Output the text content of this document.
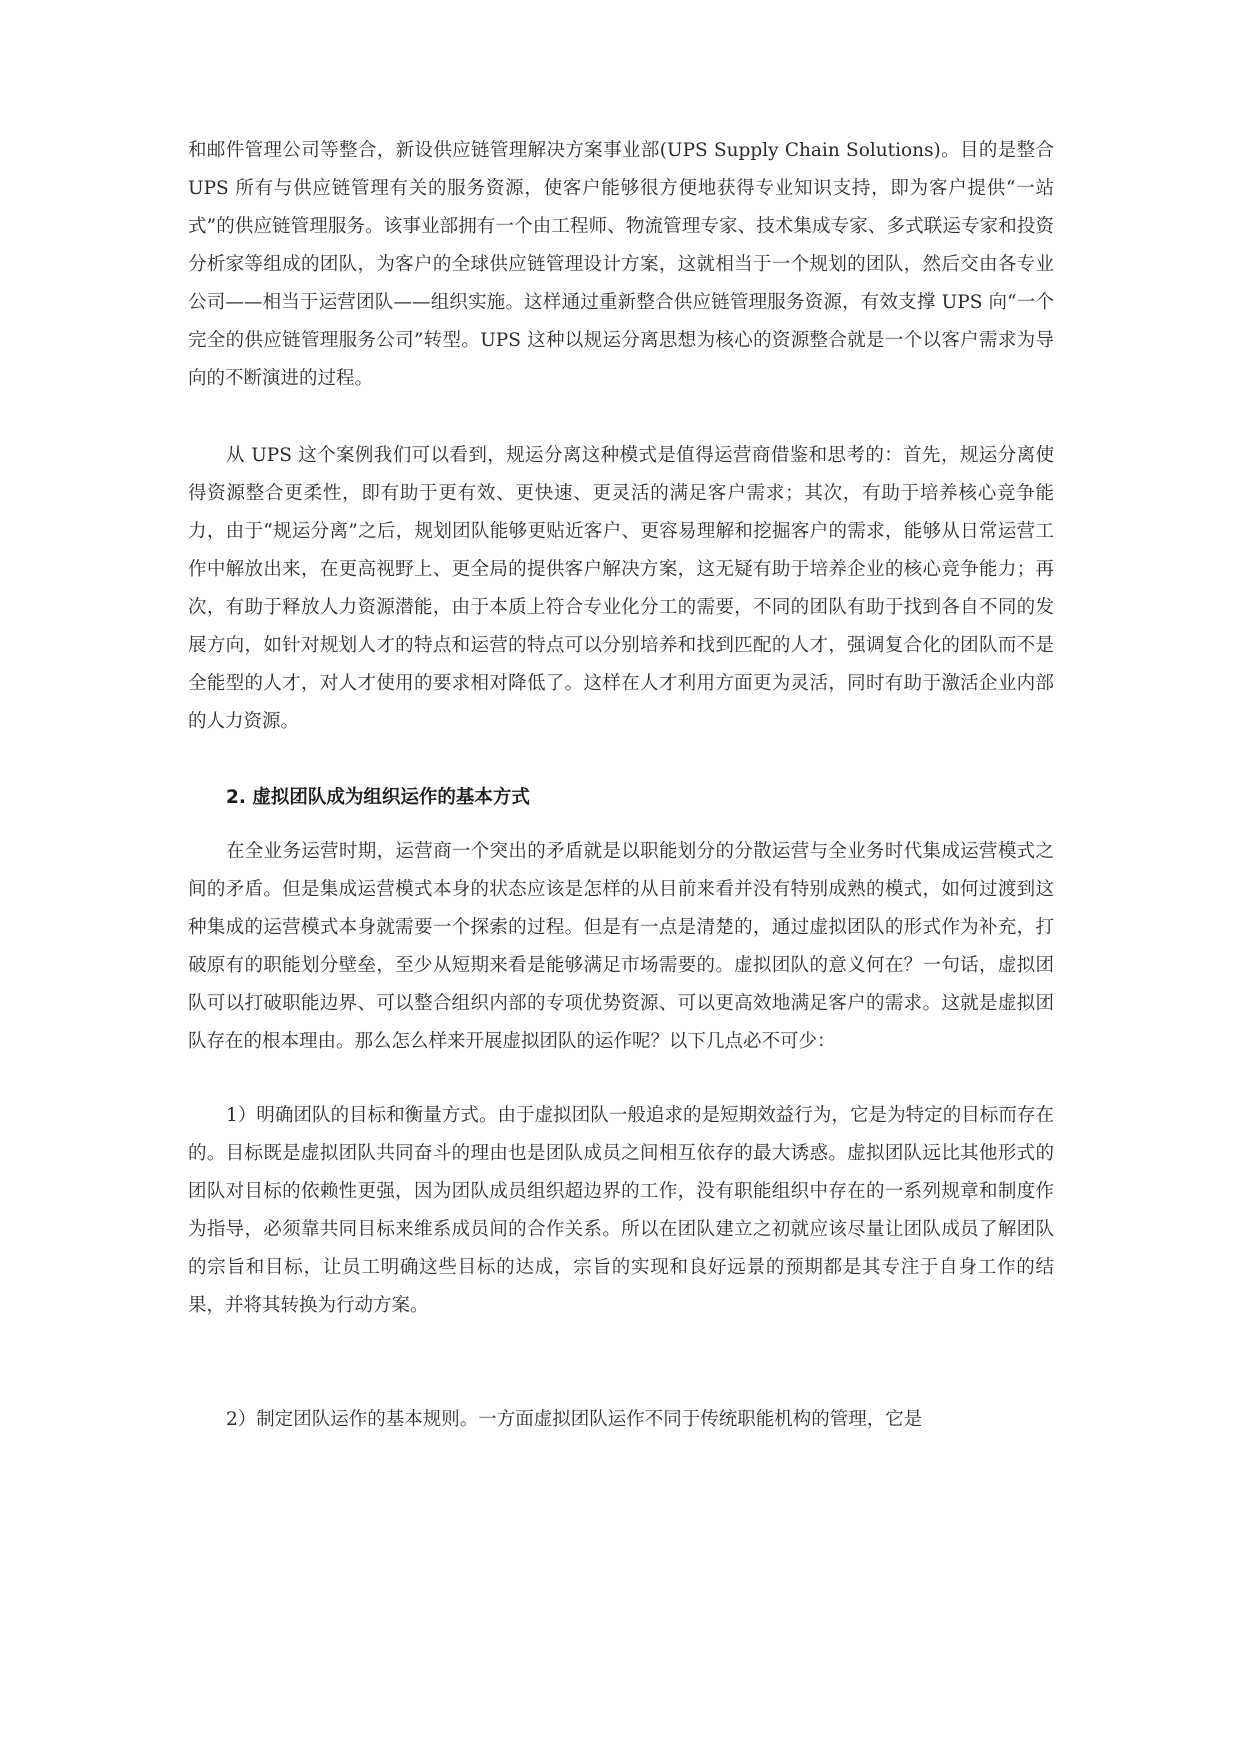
和邮件管理公司等整合，新设供应链管理解决方案事业部(UPS Supply Chain Solutions)。目的是整合 UPS 所有与供应链管理有关的服务资源，使客户能够很方便地获得专业知识支持，即为客户提供“一站式”的供应链管理服务。该事业部拥有一个由工程师、物流管理专家、技术集成专家、多式联运专家和投资分析家等组成的团队，为客户的全球供应链管理设计方案，这就相当于一个规划的团队，然后交由各专业公司——相当于运营团队——组织实施。这样通过重新整合供应链管理服务资源，有效支撑 UPS 向“一个完全的供应链管理服务公司”转型。UPS 这种以规运分离思想为核心的资源整合就是一个以客户需求为导向的不断演进的过程。

从 UPS 这个案例我们可以看到，规运分离这种模式是值得运营商借鉴和思考的：首先，规运分离使得资源整合更柔性，即有助于更有效、更快速、更灵活的满足客户需求；其次，有助于培养核心竞争能力，由于“规运分离”之后，规划团队能够更贴近客户、更容易理解和挖掘客户的需求，能够从日常运营工作中解放出来，在更高视野上、更全局的提供客户解决方案，这无疑有助于培养企业的核心竞争能力；再次，有助于释放人力资源潜能，由于本质上符合专业化分工的需要，不同的团队有助于找到各自不同的发展方向，如针对规划人才的特点和运营的特点可以分别培养和找到匹配的人才，强调复合化的团队而不是全能型的人才，对人才使用的要求相对降低了。这样在人才利用方面更为灵活，同时有助于激活企业内部的人力资源。

2. 虚拟团队成为组织运作的基本方式

在全业务运营时期，运营商一个突出的矛盾就是以职能划分的分散运营与全业务时代集成运营模式之间的矛盾。但是集成运营模式本身的状态应该是怎样的从目前来看并没有特别成熟的模式，如何过渡到这种集成的运营模式本身就需要一个探索的过程。但是有一点是清楚的，通过虚拟团队的形式作为补充，打破原有的职能划分壁垒，至少从短期来看是能够满足市场需要的。虚拟团队的意义何在？一句话，虚拟团队可以打破职能边界、可以整合组织内部的专项优势资源、可以更高效地满足客户的需求。这就是虚拟团队存在的根本理由。那么怎么样来开展虚拟团队的运作呢？以下几点必不可少：

1）明确团队的目标和衡量方式。由于虚拟团队一般追求的是短期效益行为，它是为特定的目标而存在的。目标既是虚拟团队共同奋斗的理由也是团队成员之间相互依存的最大诱惑。虚拟团队远比其他形式的团队对目标的依赖性更强，因为团队成员组织超边界的工作，没有职能组织中存在的一系列规章和制度作为指导，必须靠共同目标来维系成员间的合作关系。所以在团队建立之初就应该尽量让团队成员了解团队的宗旨和目标，让员工明确这些目标的达成，宗旨的实现和良好远景的预期都是其专注于自身工作的结果，并将其转换为行动方案。

2）制定团队运作的基本规则。一方面虚拟团队运作不同于传统职能机构的管理，它是
